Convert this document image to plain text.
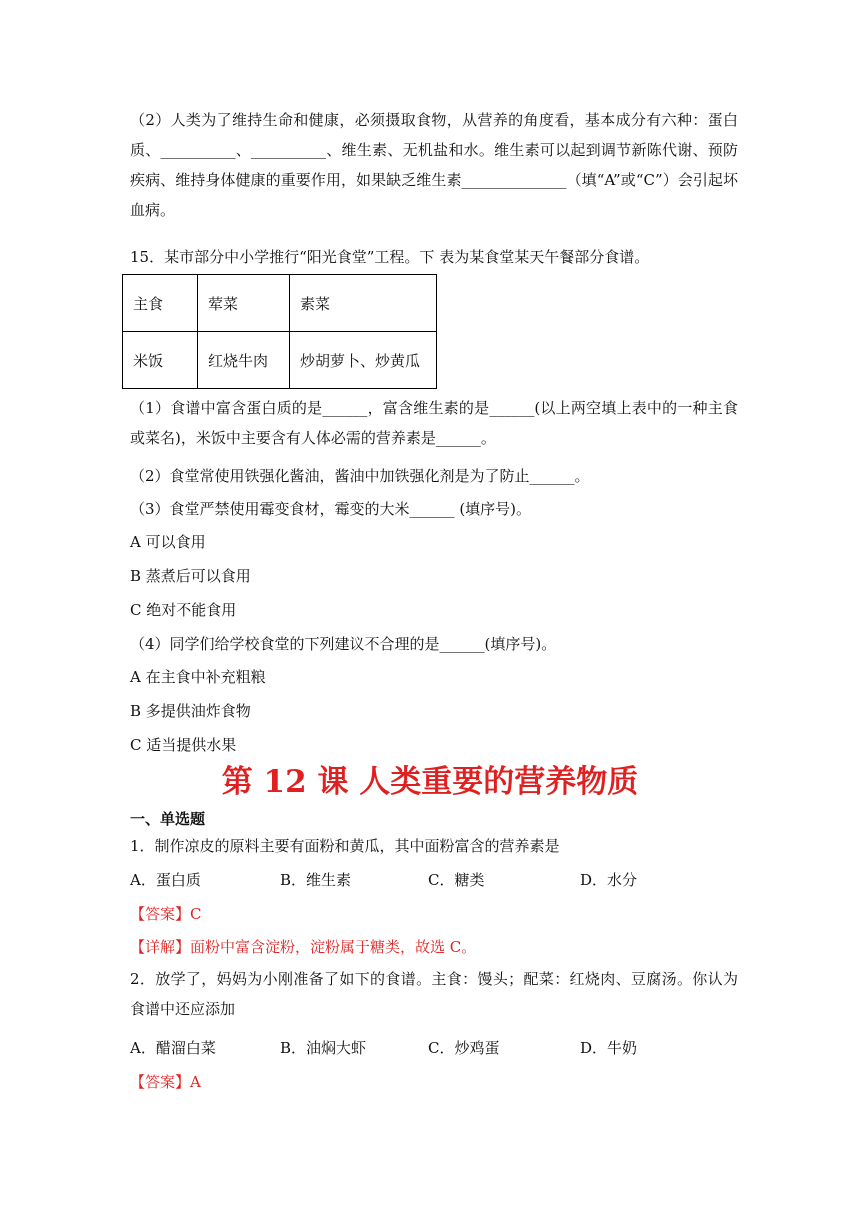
（2）人类为了维持生命和健康，必须摄取食物，从营养的角度看，基本成分有六种：蛋白质、__________、__________、维生素、无机盐和水。维生素可以起到调节新陈代谢、预防疾病、维持身体健康的重要作用，如果缺乏维生素______________（填“A”或“C”）会引起坏血病。
15．某市部分中小学推行“阳光食堂”工程。下 表为某食堂某天午餐部分食谱。
主食	荤菜	素菜
米饭	红烧牛肉	炒胡萝卜、炒黄瓜
（1）食谱中富含蛋白质的是______，富含维生素的是______(以上两空填上表中的一种主食或菜名)，米饭中主要含有人体必需的营养素是______。
（2）食堂常使用铁强化酱油，酱油中加铁强化剂是为了防止______。
（3）食堂严禁使用霉变食材，霉变的大米______ (填序号)。
A 可以食用
B 蒸煮后可以食用
C 绝对不能食用
（4）同学们给学校食堂的下列建议不合理的是______(填序号)。
A 在主食中补充粗粮
B 多提供油炸食物
C 适当提供水果
第 12 课 人类重要的营养物质
一、单选题
1．制作凉皮的原料主要有面粉和黄瓜，其中面粉富含的营养素是
A．蛋白质	B．维生素	C．糖类	D．水分
【答案】C
【详解】面粉中富含淀粉，淀粉属于糖类，故选 C。
2．放学了，妈妈为小刚准备了如下的食谱。主食：馒头；配菜：红烧肉、豆腐汤。你认为食谱中还应添加
A．醋溜白菜	B．油焖大虾	C．炒鸡蛋	D．牛奶
【答案】A
